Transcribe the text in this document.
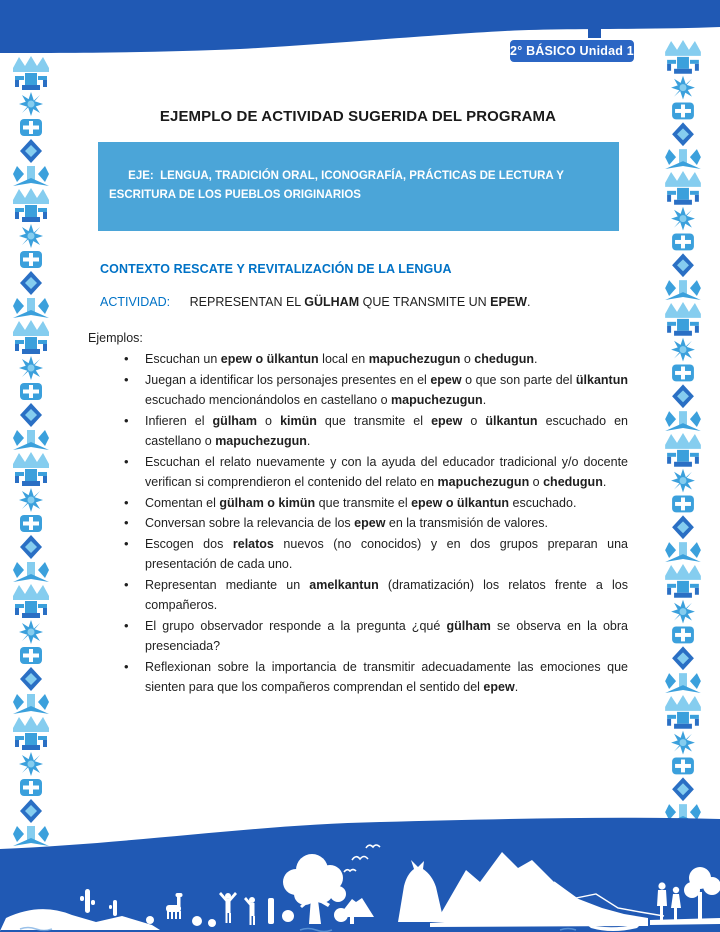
2° BÁSICO Unidad 1
EJEMPLO DE ACTIVIDAD SUGERIDA DEL PROGRAMA

EJE:  LENGUA, TRADICIÓN ORAL, ICONOGRAFÍA, PRÁCTICAS DE LECTURA Y ESCRITURA DE LOS PUEBLOS ORIGINARIOS

CONTEXTO RESCATE Y REVITALIZACIÓN DE LA LENGUA
ACTIVIDAD: REPRESENTAN EL GÜLHAM QUE TRANSMITE UN EPEW.
Ejemplos:
• Escuchan un epew o ülkantun local en mapuchezugun o chedugun.
• Juegan a identificar los personajes presentes en el epew o que son parte del ülkantun escuchado mencionándolos en castellano o mapuchezugun.
• Infieren el gülham o kimün que transmite el epew o ülkantun escuchado en castellano o mapuchezugun.
• Escuchan el relato nuevamente y con la ayuda del educador tradicional y/o docente verifican si comprendieron el contenido del relato en mapuchezugun o chedugun.
• Comentan el gülham o kimün que transmite el epew o ülkantun escuchado.
• Conversan sobre la relevancia de los epew en la transmisión de valores.
• Escogen dos relatos nuevos (no conocidos) y en dos grupos preparan una presentación de cada uno.
• Representan mediante un amelkantun (dramatización) los relatos frente a los compañeros.
• El grupo observador responde a la pregunta ¿qué gülham se observa en la obra presenciada?
• Reflexionan sobre la importancia de transmitir adecuadamente las emociones que sienten para que los compañeros comprendan el sentido del epew.
